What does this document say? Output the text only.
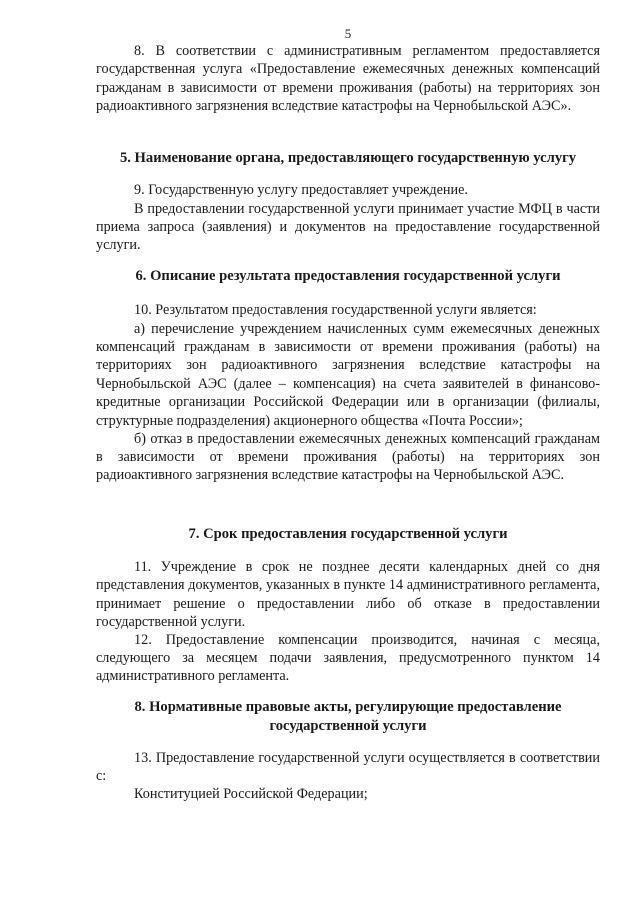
5

8. В соответствии с административным регламентом предоставляется государственная услуга «Предоставление ежемесячных денежных компенсаций гражданам в зависимости от времени проживания (работы) на территориях зон радиоактивного загрязнения вследствие катастрофы на Чернобыльской АЭС».

5. Наименование органа, предоставляющего государственную услугу

9. Государственную услугу предоставляет учреждение.

В предоставлении государственной услуги принимает участие МФЦ в части приема запроса (заявления) и документов на предоставление государственной услуги.

6. Описание результата предоставления государственной услуги

10. Результатом предоставления государственной услуги является:

а) перечисление учреждением начисленных сумм ежемесячных денежных компенсаций гражданам в зависимости от времени проживания (работы) на территориях зон радиоактивного загрязнения вследствие катастрофы на Чернобыльской АЭС (далее – компенсация) на счета заявителей в финансово-кредитные организации Российской Федерации или в организации (филиалы, структурные подразделения) акционерного общества «Почта России»;

б) отказ в предоставлении ежемесячных денежных компенсаций гражданам в зависимости от времени проживания (работы) на территориях зон радиоактивного загрязнения вследствие катастрофы на Чернобыльской АЭС.

7. Срок предоставления государственной услуги

11. Учреждение в срок не позднее десяти календарных дней со дня представления документов, указанных в пункте 14 административного регламента, принимает решение о предоставлении либо об отказе в предоставлении государственной услуги.

12. Предоставление компенсации производится, начиная с месяца, следующего за месяцем подачи заявления, предусмотренного пунктом 14 административного регламента.

8. Нормативные правовые акты, регулирующие предоставление
государственной услуги

13. Предоставление государственной услуги осуществляется в соответствии с:

Конституцией Российской Федерации;
